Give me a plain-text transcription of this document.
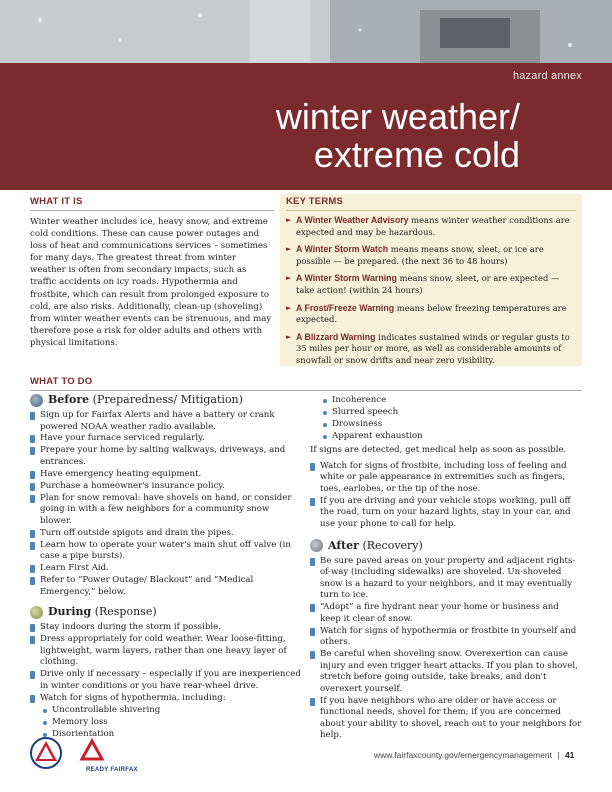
hazard annex
winter weather/
extreme cold
WHAT IT IS

Winter weather includes ice, heavy snow, and extreme cold conditions. These can cause power outages and loss of heat and communications services – sometimes for many days. The greatest threat from winter weather is often from secondary impacts, such as traffic accidents on icy roads. Hypothermia and frostbite, which can result from prolonged exposure to cold, are also risks. Additionally, clean-up (shoveling) from winter weather events can be strenuous, and may therefore pose a risk for older adults and others with physical limitations.

KEY TERMS
► A Winter Weather Advisory means winter weather conditions are expected and may be hazardous.
► A Winter Storm Watch means means snow, sleet, or ice are possible — be prepared. (the next 36 to 48 hours)
► A Winter Storm Warning means snow, sleet, or are expected — take action! (within 24 hours)
► A Frost/Freeze Warning means below freezing temperatures are expected.
► A Blizzard Warning indicates sustained winds or regular gusts to 35 miles per hour or more, as well as considerable amounts of snowfall or snow drifts and near zero visibility.
WHAT TO DO
Before (Preparedness/ Mitigation)
Sign up for Fairfax Alerts and have a battery or crank powered NOAA weather radio available.
Have your furnace serviced regularly.
Prepare your home by salting walkways, driveways, and entrances.
Have emergency heating equipment.
Purchase a homeowner's insurance policy.
Plan for snow removal: have shovels on hand, or consider going in with a few neighbors for a community snow blower.
Turn off outside spigots and drain the pipes.
Learn how to operate your water's main shut off valve (in case a pipe bursts).
Learn First Aid.
Refer to “Power Outage/ Blackout” and “Medical Emergency,” below.
During (Response)
Stay indoors during the storm if possible.
Dress appropriately for cold weather. Wear loose-fitting, lightweight, warm layers, rather than one heavy layer of clothing.
Drive only if necessary – especially if you are inexperienced in winter conditions or you have rear-wheel drive.
Watch for signs of hypothermia, including:
Uncontrollable shivering
Memory loss
Disorientation
Incoherence
Slurred speech
Drowsiness
Apparent exhaustion

If signs are detected, get medical help as soon as possible.

Watch for signs of frostbite, including loss of feeling and white or pale appearance in extremities such as fingers, toes, earlobes, or the tip of the nose.
If you are driving and your vehicle stops working, pull off the road, turn on your hazard lights, stay in your car, and use your phone to call for help.
After (Recovery)
Be sure paved areas on your property and adjacent rights-of-way (including sidewalks) are shoveled. Un-shoveled snow is a hazard to your neighbors, and it may eventually turn to ice.
“Adopt” a fire hydrant near your home or business and keep it clear of snow.
Watch for signs of hypothermia or frostbite in yourself and others.
Be careful when shoveling snow. Overexertion can cause injury and even trigger heart attacks. If you plan to shovel, stretch before going outside, take breaks, and don't overexert yourself.
If you have neighbors who are older or have access or functional needs, shovel for them; if you are concerned about your ability to shovel, reach out to your neighbors for help.
READY FAIRFAX
www.fairfaxcounty.gov/emergencymanagement | 41
